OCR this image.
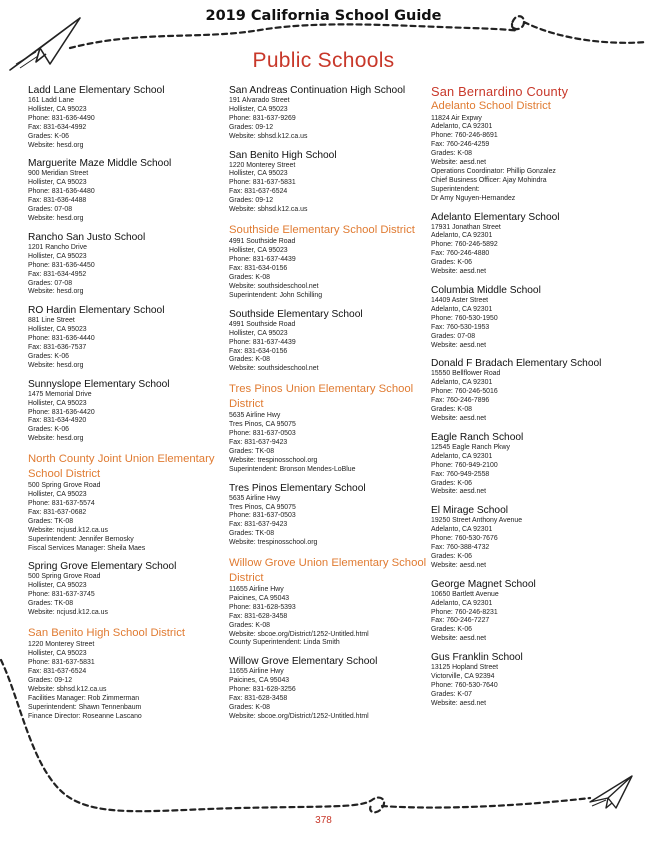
2019 California School Guide
Public Schools
Ladd Lane Elementary School
161 Ladd Lane
Hollister, CA 95023
Phone: 831-636-4490
Fax: 831-634-4992
Grades: K-06
Website: hesd.org
Marguerite Maze Middle School
900 Meridian Street
Hollister, CA 95023
Phone: 831-636-4480
Fax: 831-636-4488
Grades: 07-08
Website: hesd.org
Rancho San Justo School
1201 Rancho Drive
Hollister, CA 95023
Phone: 831-636-4450
Fax: 831-634-4952
Grades: 07-08
Website: hesd.org
RO Hardin Elementary School
881 Line Street
Hollister, CA 95023
Phone: 831-636-4440
Fax: 831-636-7537
Grades: K-06
Website: hesd.org
Sunnyslope Elementary School
1475 Memorial Drive
Hollister, CA 95023
Phone: 831-636-4420
Fax: 831-634-4920
Grades: K-06
Website: hesd.org
North County Joint Union Elementary School District
500 Spring Grove Road
Hollister, CA 95023
Phone: 831-637-5574
Fax: 831-637-0682
Grades: TK-08
Website: ncjusd.k12.ca.us
Superintendent: Jennifer Bernosky
Fiscal Services Manager: Sheila Maes
Spring Grove Elementary School
500 Spring Grove Road
Hollister, CA 95023
Phone: 831-637-3745
Grades: TK-08
Website: ncjusd.k12.ca.us
San Benito High School District
1220 Monterey Street
Hollister, CA 95023
Phone: 831-637-5831
Fax: 831-637-6524
Grades: 09-12
Website: sbhsd.k12.ca.us
Facilities Manager: Rob Zimmerman
Superintendent: Shawn Tennenbaum
Finance Director: Roseanne Lascano
San Andreas Continuation High School
191 Alvarado Street
Hollister, CA 95023
Phone: 831-637-9269
Grades: 09-12
Website: sbhsd.k12.ca.us
San Benito High School
1220 Monterey Street
Hollister, CA 95023
Phone: 831-637-5831
Fax: 831-637-6524
Grades: 09-12
Website: sbhsd.k12.ca.us
Southside Elementary School District
4991 Southside Road
Hollister, CA 95023
Phone: 831-637-4439
Fax: 831-634-0156
Grades: K-08
Website: southsideschool.net
Superintendent: John Schilling
Southside Elementary School
4991 Southside Road
Hollister, CA 95023
Phone: 831-637-4439
Fax: 831-634-0156
Grades: K-08
Website: southsideschool.net
Tres Pinos Union Elementary School District
5635 Airline Hwy
Tres Pinos, CA 95075
Phone: 831-637-0503
Fax: 831-637-9423
Grades: TK-08
Website: trespinosschool.org
Superintendent: Bronson Mendes-LoBlue
Tres Pinos Elementary School
5635 Airline Hwy
Tres Pinos, CA 95075
Phone: 831-637-0503
Fax: 831-637-9423
Grades: TK-08
Website: trespinosschool.org
Willow Grove Union Elementary School District
11655 Airline Hwy
Paicines, CA 95043
Phone: 831-628-5393
Fax: 831-628-3458
Grades: K-08
Website: sbcoe.org/District/1252-Untitled.html
County Superintendent: Linda Smith
Willow Grove Elementary School
11655 Airline Hwy
Paicines, CA 95043
Phone: 831-628-3256
Fax: 831-628-3458
Grades: K-08
Website: sbcoe.org/District/1252-Untitled.html
San Bernardino County
Adelanto School District
11824 Air Expwy
Adelanto, CA 92301
Phone: 760-246-8691
Fax: 760-246-4259
Grades: K-08
Website: aesd.net
Operations Coordinator: Phillip Gonzalez
Chief Business Officer: Ajay Mohindra
Superintendent:
Dr Amy Nguyen-Hernandez
Adelanto Elementary School
17931 Jonathan Street
Adelanto, CA 92301
Phone: 760-246-5892
Fax: 760-246-4880
Grades: K-06
Website: aesd.net
Columbia Middle School
14409 Aster Street
Adelanto, CA 92301
Phone: 760-530-1950
Fax: 760-530-1953
Grades: 07-08
Website: aesd.net
Donald F Bradach Elementary School
15550 Bellflower Road
Adelanto, CA 92301
Phone: 760-246-5016
Fax: 760-246-7896
Grades: K-08
Website: aesd.net
Eagle Ranch School
12545 Eagle Ranch Pkwy
Adelanto, CA 92301
Phone: 760-949-2100
Fax: 760-949-2558
Grades: K-06
Website: aesd.net
El Mirage School
19250 Street Anthony Avenue
Adelanto, CA 92301
Phone: 760-530-7676
Fax: 760-388-4732
Grades: K-06
Website: aesd.net
George Magnet School
10650 Bartlett Avenue
Adelanto, CA 92301
Phone: 760-246-8231
Fax: 760-246-7227
Grades: K-06
Website: aesd.net
Gus Franklin School
13125 Hopland Street
Victorville, CA 92394
Phone: 760-530-7640
Grades: K-07
Website: aesd.net
378
